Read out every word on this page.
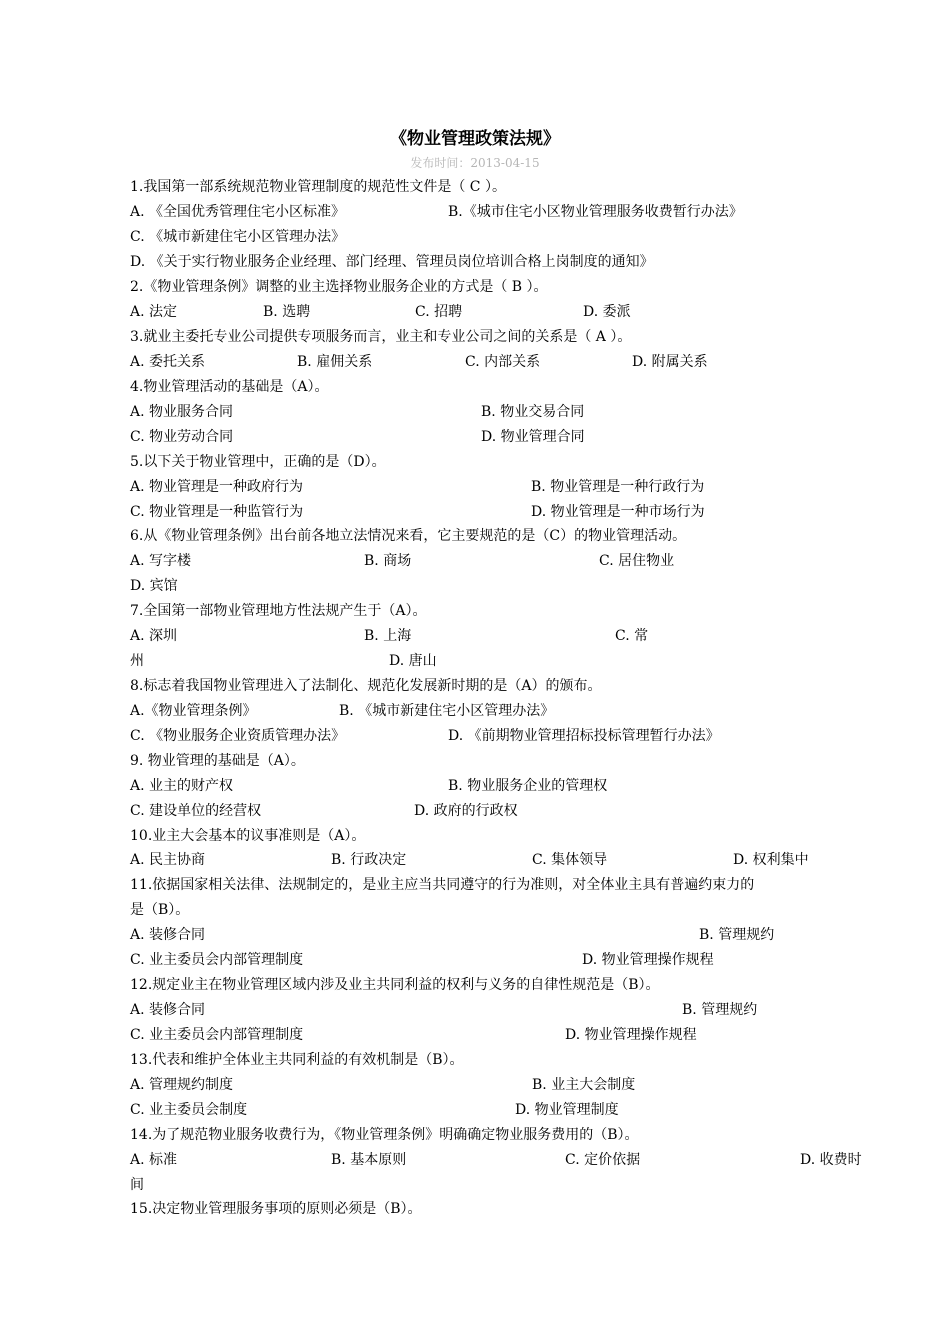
《物业管理政策法规》
发布时间：2013-04-15
1.我国第一部系统规范物业管理制度的规范性文件是（ C ）。
A. 《全国优秀管理住宅小区标准》	B.《城市住宅小区物业管理服务收费暂行办法》
C. 《城市新建住宅小区管理办法》
D. 《关于实行物业服务企业经理、部门经理、管理员岗位培训合格上岗制度的通知》
2.《物业管理条例》调整的业主选择物业服务企业的方式是（ B ）。
A. 法定	B. 选聘	C. 招聘	D. 委派
3.就业主委托专业公司提供专项服务而言，业主和专业公司之间的关系是（ A ）。
A. 委托关系	B. 雇佣关系	C. 内部关系	D. 附属关系
4.物业管理活动的基础是（A）。
A. 物业服务合同	B. 物业交易合同
C. 物业劳动合同	D. 物业管理合同
5.以下关于物业管理中，正确的是（D）。
A. 物业管理是一种政府行为	B. 物业管理是一种行政行为
C. 物业管理是一种监管行为	D. 物业管理是一种市场行为
6.从《物业管理条例》出台前各地立法情况来看，它主要规范的是（C）的物业管理活动。
A. 写字楼	B. 商场	C. 居住物业
D. 宾馆
7.全国第一部物业管理地方性法规产生于（A）。
A. 深圳	B. 上海	C. 常
州	D. 唐山
8.标志着我国物业管理进入了法制化、规范化发展新时期的是（A）的颁布。
A.《物业管理条例》	B. 《城市新建住宅小区管理办法》
C. 《物业服务企业资质管理办法》	D. 《前期物业管理招标投标管理暂行办法》
9. 物业管理的基础是（A）。
A. 业主的财产权	B. 物业服务企业的管理权
C. 建设单位的经营权	D. 政府的行政权
10.业主大会基本的议事准则是（A）。
A. 民主协商	B. 行政决定	C. 集体领导	D. 权利集中
11.依据国家相关法律、法规制定的，是业主应当共同遵守的行为准则，对全体业主具有普遍约束力的
是（B）。
A. 装修合同	B. 管理规约
C. 业主委员会内部管理制度	D. 物业管理操作规程
12.规定业主在物业管理区域内涉及业主共同利益的权利与义务的自律性规范是（B）。
A. 装修合同	B. 管理规约
C. 业主委员会内部管理制度	D. 物业管理操作规程
13.代表和维护全体业主共同利益的有效机制是（B）。
A. 管理规约制度	B. 业主大会制度
C. 业主委员会制度	D. 物业管理制度
14.为了规范物业服务收费行为，《物业管理条例》明确确定物业服务费用的（B）。
A. 标准	B. 基本原则	C. 定价依据	D. 收费时
间
15.决定物业管理服务事项的原则必须是（B）。
